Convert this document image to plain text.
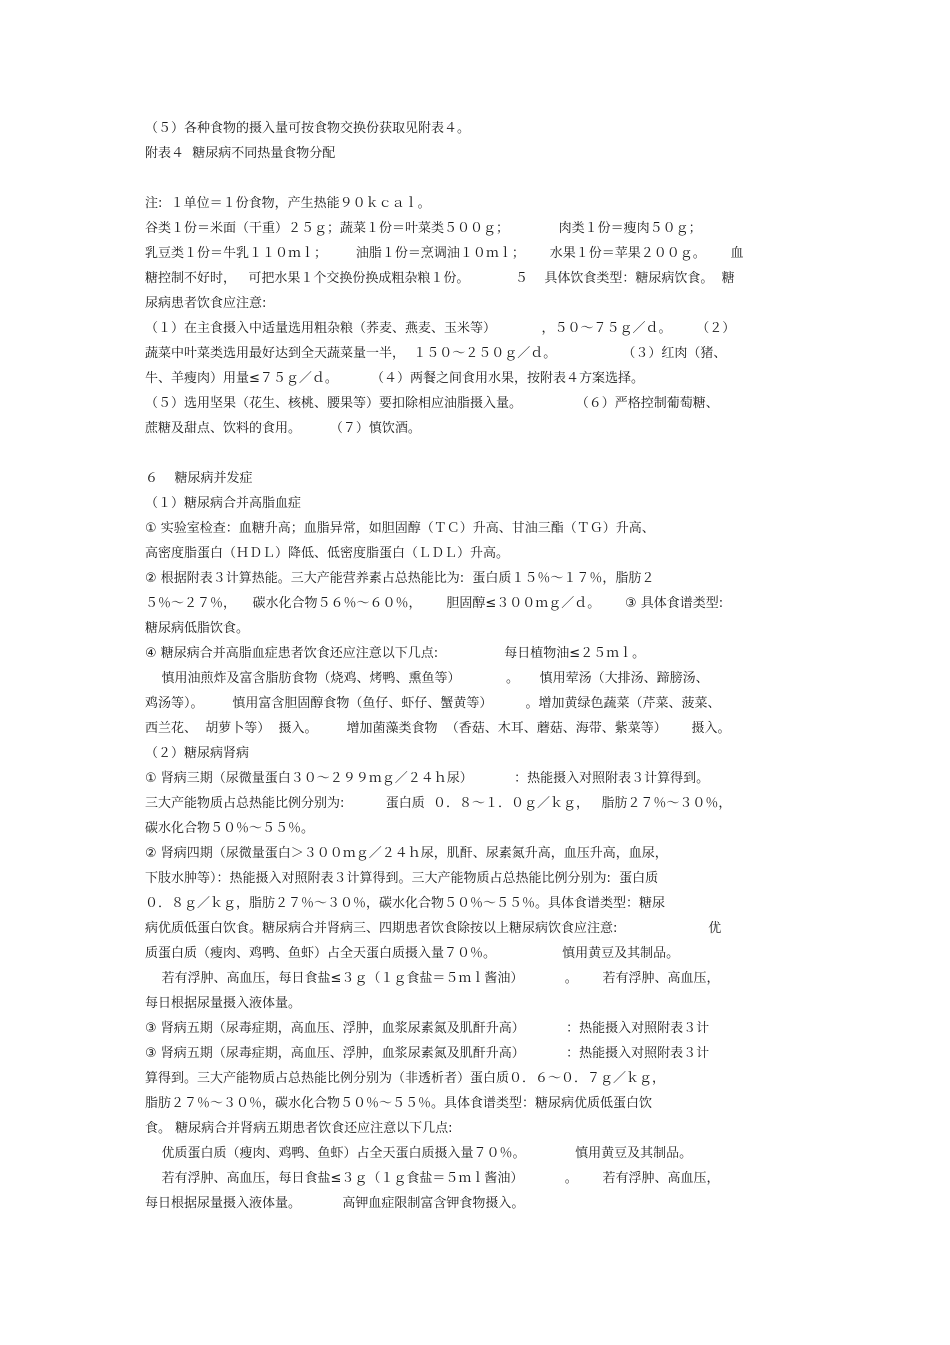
（５）各种食物的摄入量可按食物交换份获取见附表４。
附表４  糖尿病不同热量食物分配
注:  １单位＝１份食物，产生热能９０ｋｃａｌ。
谷类１份＝米面（干重）２５ｇ；蔬菜１份＝叶菜类５００ｇ；            肉类１份＝瘦肉５０ｇ；
乳豆类１份＝牛乳１１０ｍｌ；       油脂１份＝烹调油１０ｍｌ；      水果１份＝苹果２００ｇ。      血
糖控制不好时，   可把水果１个交换份换成粗杂粮１份。           ５    具体饮食类型：糖尿病饮食。  糖
尿病患者饮食应注意:
（１）在主食摄入中适量选用粗杂粮（荞麦、燕麦、玉米等）           ，５０～７５ｇ／ｄ。      （２）
蔬菜中叶菜类选用最好达到全天蔬菜量一半，  １５０～２５０ｇ／ｄ。                （３）红肉（猪、
牛、羊瘦肉）用量≤７５ｇ／ｄ。        （４）两餐之间食用水果，按附表４方案选择。
（５）选用坚果（花生、核桃、腰果等）要扣除相应油脂摄入量。             （６）严格控制葡萄糖、
蔗糖及甜点、饮料的食用。       （７）慎饮酒。
６    糖尿病并发症
（１）糖尿病合并高脂血症
① 实验室检查：血糖升高；血脂异常，如胆固醇（ＴＣ）升高、甘油三酯（ＴＧ）升高、
高密度脂蛋白（ＨＤＬ）降低、低密度脂蛋白（ＬＤＬ）升高。
② 根据附表３计算热能。三大产能营养素占总热能比为:  蛋白质１５％～１７％，脂肪２
５％～２７％，    碳水化合物５６％～６０％，      胆固醇≤３００ｍｇ／ｄ。      ③ 具体食谱类型:
糖尿病低脂饮食。
④ 糖尿病合并高脂血症患者饮食还应注意以下几点:                每日植物油≤２５ｍｌ。
慎用油煎炸及富含脂肪食物（烧鸡、烤鸭、熏鱼等）           。     慎用荤汤（大排汤、蹄膀汤、
鸡汤等）。       慎用富含胆固醇食物（鱼仔、虾仔、蟹黄等）        。增加黄绿色蔬菜（芹菜、菠菜、
西兰花、  胡萝卜等）  摄入。       增加菌藻类食物  （香菇、木耳、蘑菇、海带、紫菜等）      摄入。
（２）糖尿病肾病
① 肾病三期（尿微量蛋白３０～２９９ｍｇ／２４ｈ尿）          ：热能摄入对照附表３计算得到。
三大产能物质占总热能比例分别为:          蛋白质  ０．８～１．０ｇ／ｋｇ，   脂肪２７％～３０％，
碳水化合物５０％～５５％。
② 肾病四期（尿微量蛋白＞３００ｍｇ／２４ｈ尿，肌酐、尿素氮升高，血压升高，血尿，
下肢水肿等）：热能摄入对照附表３计算得到。三大产能物质占总热能比例分别为:  蛋白质
０．８ｇ／ｋｇ，脂肪２７％～３０％，碳水化合物５０％～５５％。具体食谱类型：糖尿
病优质低蛋白饮食。糖尿病合并肾病三、四期患者饮食除按以上糖尿病饮食应注意:                      优
质蛋白质（瘦肉、鸡鸭、鱼虾）占全天蛋白质摄入量７０％。                慎用黄豆及其制品。
若有浮肿、高血压，每日食盐≤３ｇ（１ｇ食盐＝５ｍｌ酱油）          。      若有浮肿、高血压，
每日根据尿量摄入液体量。
③ 肾病五期（尿毒症期，高血压、浮肿，血浆尿素氮及肌酐升高）          ：热能摄入对照附表３计
③ 肾病五期（尿毒症期，高血压、浮肿，血浆尿素氮及肌酐升高）          ：热能摄入对照附表３计
算得到。三大产能物质占总热能比例分别为（非透析者）蛋白质０．６～０．７ｇ／ｋｇ，
脂肪２７％～３０％，碳水化合物５０％～５５％。具体食谱类型：糖尿病优质低蛋白饮
食。 糖尿病合并肾病五期患者饮食还应注意以下几点:
优质蛋白质（瘦肉、鸡鸭、鱼虾）占全天蛋白质摄入量７０％。            慎用黄豆及其制品。
若有浮肿、高血压，每日食盐≤３ｇ（１ｇ食盐＝５ｍｌ酱油）          。      若有浮肿、高血压，
每日根据尿量摄入液体量。          高钾血症限制富含钾食物摄入。
